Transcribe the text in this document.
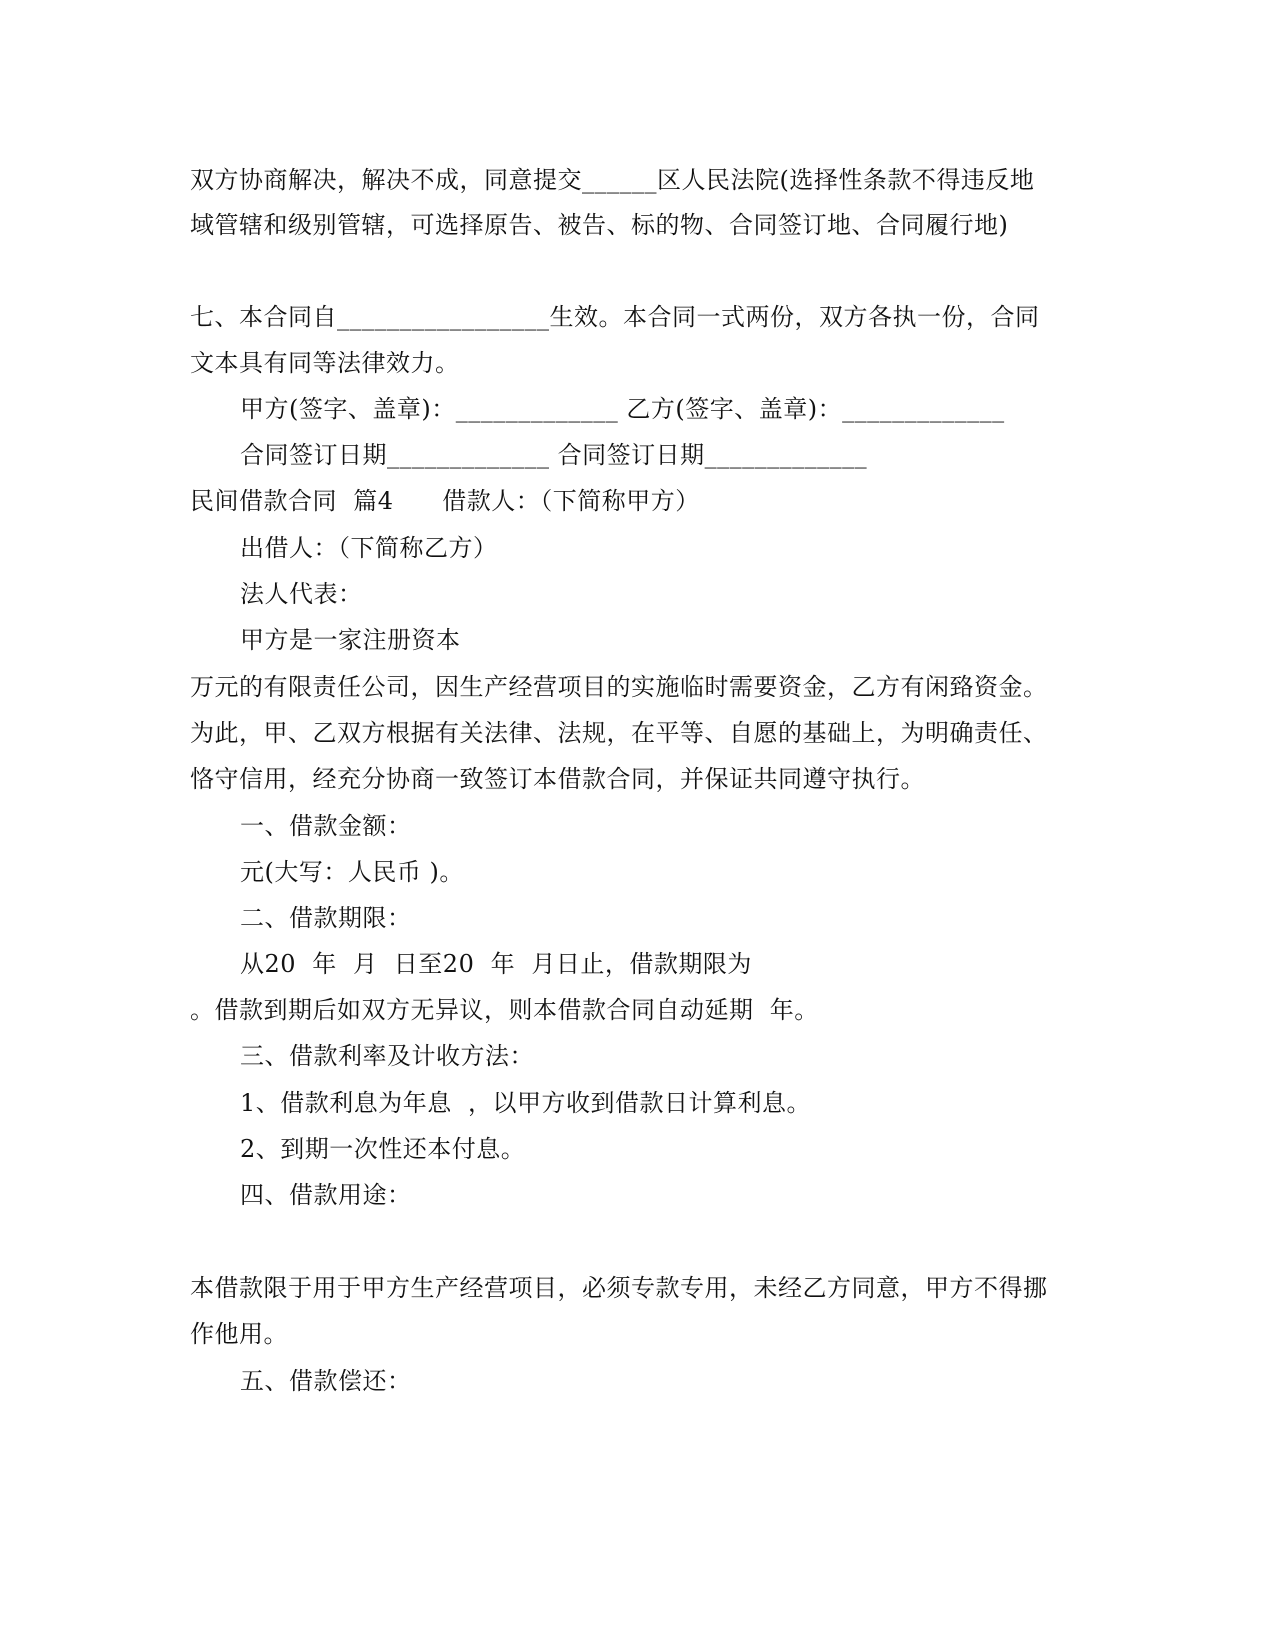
双方协商解决，解决不成，同意提交______区人民法院(选择性条款不得违反地
域管辖和级别管辖，可选择原告、被告、标的物、合同签订地、合同履行地)
七、本合同自_________________生效。本合同一式两份，双方各执一份，合同
文本具有同等法律效力。
甲方(签字、盖章)：_____________ 乙方(签字、盖章)：_____________
合同签订日期_____________ 合同签订日期_____________
民间借款合同  篇4      借款人：（下简称甲方）
出借人：（下简称乙方）
法人代表：
甲方是一家注册资本
万元的有限责任公司，因生产经营项目的实施临时需要资金，乙方有闲臵资金。
为此，甲、乙双方根据有关法律、法规，在平等、自愿的基础上，为明确责任、
恪守信用，经充分协商一致签订本借款合同，并保证共同遵守执行。
一、借款金额：
元(大写：人民币 )。
二、借款期限：
从20  年  月  日至20  年  月日止，借款期限为
。借款到期后如双方无异议，则本借款合同自动延期  年。
三、借款利率及计收方法：
1、借款利息为年息  ，以甲方收到借款日计算利息。
2、到期一次性还本付息。
四、借款用途：
本借款限于用于甲方生产经营项目，必须专款专用，未经乙方同意，甲方不得挪
作他用。
五、借款偿还：
